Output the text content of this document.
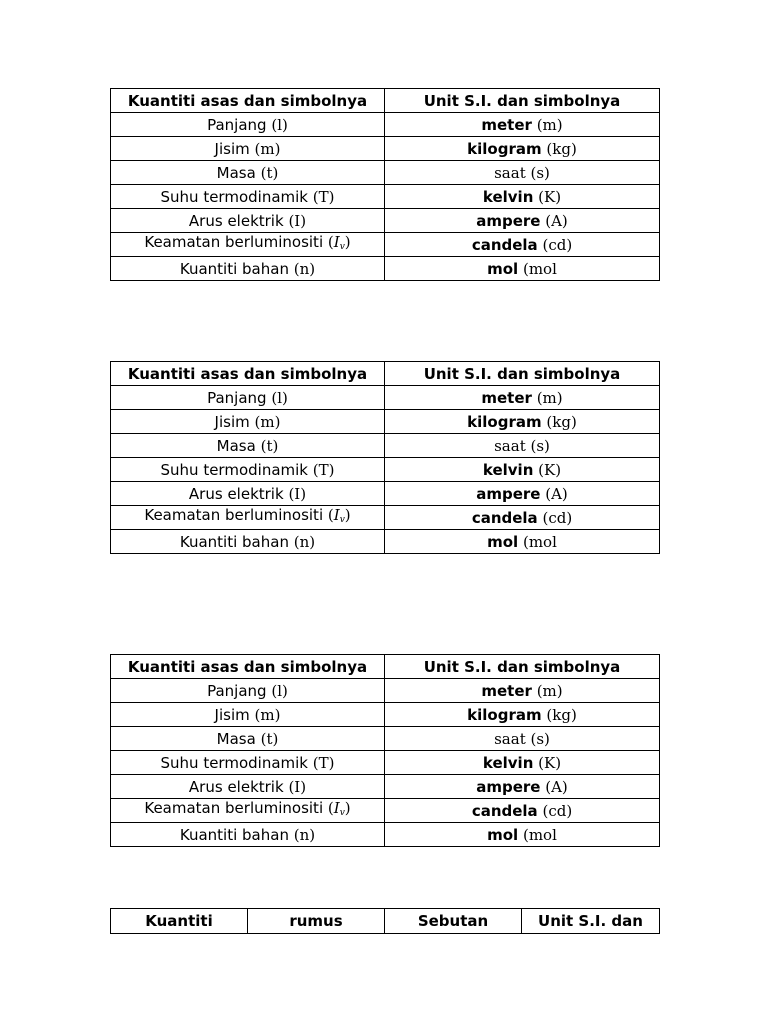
Kuantiti asas dan simbolnya	Unit S.I. dan simbolnya
Panjang (l)	meter (m)
Jisim (m)	kilogram (kg)
Masa (t)	saat (s)
Suhu termodinamik (T)	kelvin (K)
Arus elektrik (I)	ampere (A)
Keamatan berluminositi (Iv)	candela (cd)
Kuantiti bahan (n)	mol (mol
Kuantiti asas dan simbolnya	Unit S.I. dan simbolnya
Panjang (l)	meter (m)
Jisim (m)	kilogram (kg)
Masa (t)	saat (s)
Suhu termodinamik (T)	kelvin (K)
Arus elektrik (I)	ampere (A)
Keamatan berluminositi (Iv)	candela (cd)
Kuantiti bahan (n)	mol (mol
Kuantiti asas dan simbolnya	Unit S.I. dan simbolnya
Panjang (l)	meter (m)
Jisim (m)	kilogram (kg)
Masa (t)	saat (s)
Suhu termodinamik (T)	kelvin (K)
Arus elektrik (I)	ampere (A)
Keamatan berluminositi (Iv)	candela (cd)
Kuantiti bahan (n)	mol (mol
Kuantiti	rumus	Sebutan	Unit S.I. dan
